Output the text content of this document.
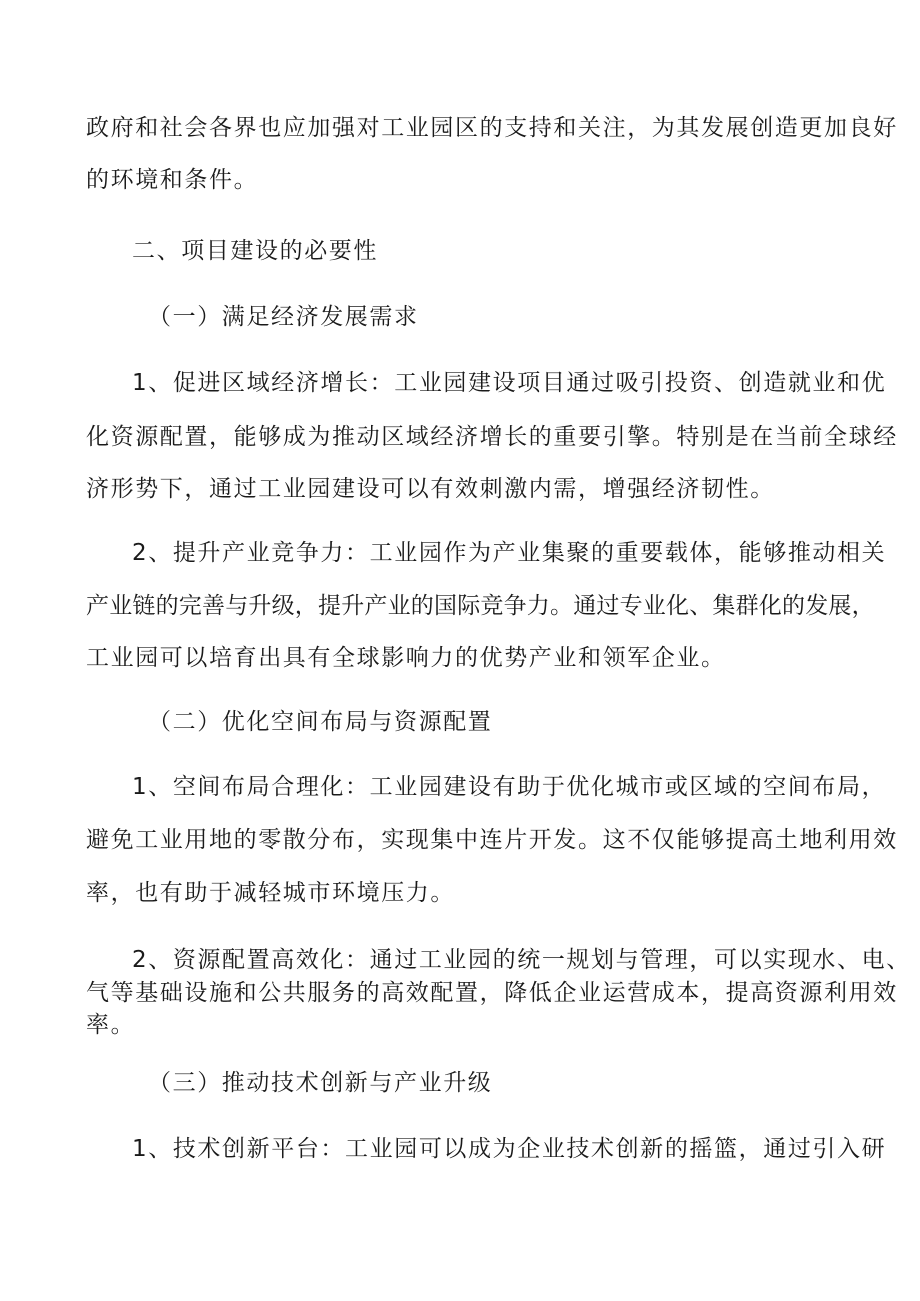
政府和社会各界也应加强对工业园区的支持和关注，为其发展创造更加良好
的环境和条件。
二、项目建设的必要性
（一）满足经济发展需求
1、促进区域经济增长：工业园建设项目通过吸引投资、创造就业和优
化资源配置，能够成为推动区域经济增长的重要引擎。特别是在当前全球经
济形势下，通过工业园建设可以有效刺激内需，增强经济韧性。
2、提升产业竞争力：工业园作为产业集聚的重要载体，能够推动相关
产业链的完善与升级，提升产业的国际竞争力。通过专业化、集群化的发展，
工业园可以培育出具有全球影响力的优势产业和领军企业。
（二）优化空间布局与资源配置
1、空间布局合理化：工业园建设有助于优化城市或区域的空间布局，
避免工业用地的零散分布，实现集中连片开发。这不仅能够提高土地利用效
率，也有助于减轻城市环境压力。
2、资源配置高效化：通过工业园的统一规划与管理，可以实现水、电、
气等基础设施和公共服务的高效配置，降低企业运营成本，提高资源利用效
率。
（三）推动技术创新与产业升级
1、技术创新平台：工业园可以成为企业技术创新的摇篮，通过引入研
